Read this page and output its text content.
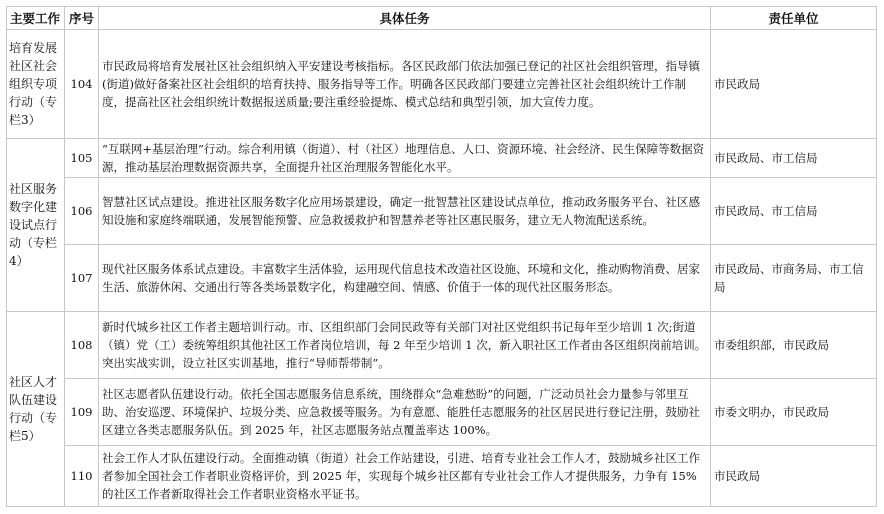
主要工作	序号	具体任务	责任单位
培育发展社区社会组织专项行动（专栏3）	104	市民政局将培育发展社区社会组织纳入平安建设考核指标。各区民政部门依法加强已登记的社区社会组织管理，指导镇(街道)做好备案社区社会组织的培育扶持、服务指导等工作。明确各区民政部门要建立完善社区社会组织统计工作制度，提高社区社会组织统计数据报送质量;要注重经验提炼、模式总结和典型引领，加大宣传力度。	市民政局
社区服务数字化建设试点行动（专栏4）	105	“互联网+基层治理”行动。综合利用镇（街道）、村（社区）地理信息、人口、资源环境、社会经济、民生保障等数据资源，推动基层治理数据资源共享，全面提升社区治理服务智能化水平。	市民政局、市工信局
	106	智慧社区试点建设。推进社区服务数字化应用场景建设，确定一批智慧社区建设试点单位，推动政务服务平台、社区感知设施和家庭终端联通，发展智能预警、应急救援救护和智慧养老等社区惠民服务，建立无人物流配送系统。	市民政局、市工信局
	107	现代社区服务体系试点建设。丰富数字生活体验，运用现代信息技术改造社区设施、环境和文化，推动购物消费、居家生活、旅游休闲、交通出行等各类场景数字化，构建融空间、情感、价值于一体的现代社区服务形态。	市民政局、市商务局、市工信局
社区人才队伍建设行动（专栏5）	108	新时代城乡社区工作者主题培训行动。市、区组织部门会同民政等有关部门对社区党组织书记每年至少培训 1 次;街道（镇）党（工）委统筹组织其他社区工作者岗位培训，每 2 年至少培训 1 次，新入职社区工作者由各区组织岗前培训。突出实战实训，设立社区实训基地，推行“导师帮带制”。	市委组织部，市民政局
	109	社区志愿者队伍建设行动。依托全国志愿服务信息系统，围绕群众“急难愁盼”的问题，广泛动员社会力量参与邻里互助、治安巡逻、环境保护、垃圾分类、应急救援等服务。为有意愿、能胜任志愿服务的社区居民进行登记注册，鼓励社区建立各类志愿服务队伍。到 2025 年，社区志愿服务站点覆盖率达 100%。	市委文明办，市民政局
	110	社会工作人才队伍建设行动。全面推动镇（街道）社会工作站建设，引进、培育专业社会工作人才，鼓励城乡社区工作者参加全国社会工作者职业资格评价，到 2025 年，实现每个城乡社区都有专业社会工作人才提供服务，力争有 15%的社区工作者新取得社会工作者职业资格水平证书。	市民政局
